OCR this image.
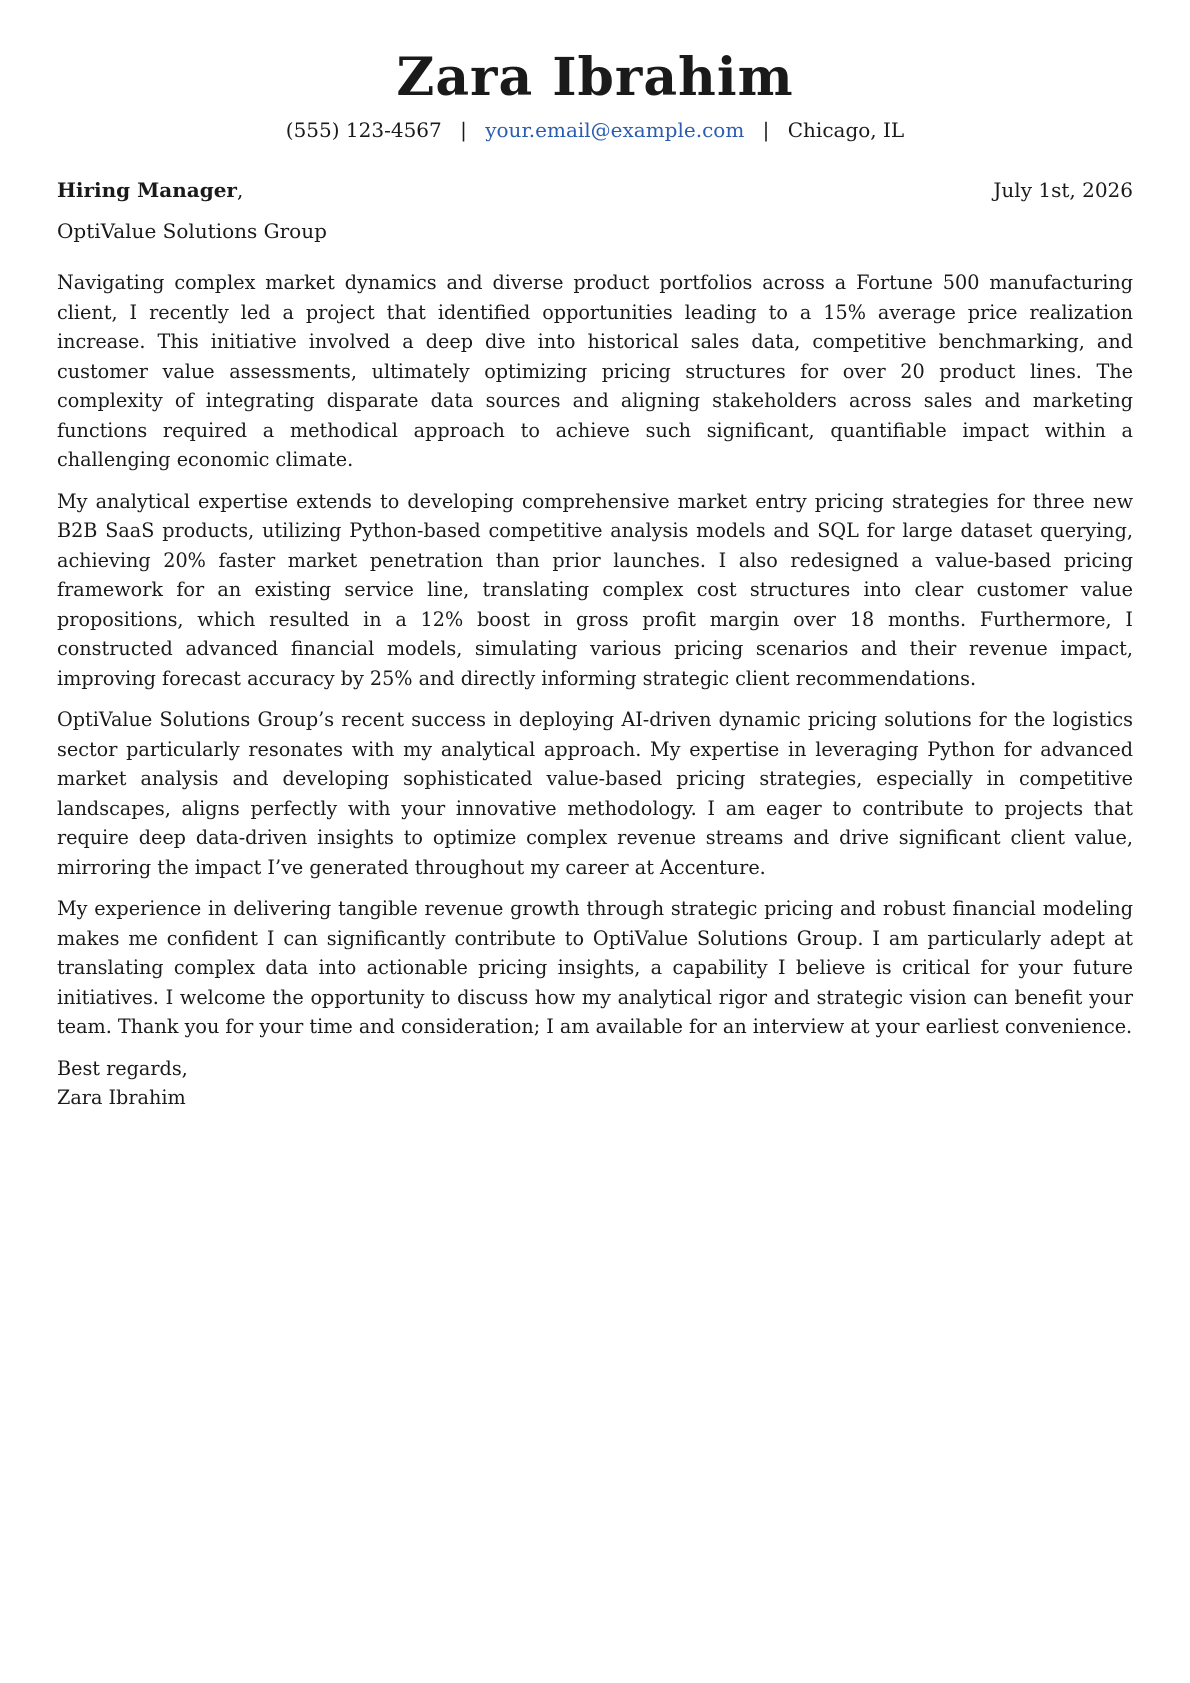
Zara Ibrahim
(555) 123-4567 | your.email@example.com | Chicago, IL
Hiring Manager,	July 1st, 2026
OptiValue Solutions Group

Navigating complex market dynamics and diverse product portfolios across a Fortune 500 manufacturing client, I recently led a project that identified opportunities leading to a 15% average price realization increase. This initiative involved a deep dive into historical sales data, competitive benchmarking, and customer value assessments, ultimately optimizing pricing structures for over 20 product lines. The complexity of integrating disparate data sources and aligning stakeholders across sales and marketing functions required a methodical approach to achieve such significant, quantifiable impact within a challenging economic climate.

My analytical expertise extends to developing comprehensive market entry pricing strategies for three new B2B SaaS products, utilizing Python-based competitive analysis models and SQL for large dataset querying, achieving 20% faster market penetration than prior launches. I also redesigned a value-based pricing framework for an existing service line, translating complex cost structures into clear customer value propositions, which resulted in a 12% boost in gross profit margin over 18 months. Furthermore, I constructed advanced financial models, simulating various pricing scenarios and their revenue impact, improving forecast accuracy by 25% and directly informing strategic client recommendations.

OptiValue Solutions Group’s recent success in deploying AI-driven dynamic pricing solutions for the logistics sector particularly resonates with my analytical approach. My expertise in leveraging Python for advanced market analysis and developing sophisticated value-based pricing strategies, especially in competitive landscapes, aligns perfectly with your innovative methodology. I am eager to contribute to projects that require deep data-driven insights to optimize complex revenue streams and drive significant client value, mirroring the impact I’ve generated throughout my career at Accenture.

My experience in delivering tangible revenue growth through strategic pricing and robust financial modeling makes me confident I can significantly contribute to OptiValue Solutions Group. I am particularly adept at translating complex data into actionable pricing insights, a capability I believe is critical for your future initiatives. I welcome the opportunity to discuss how my analytical rigor and strategic vision can benefit your team. Thank you for your time and consideration; I am available for an interview at your earliest convenience.

Best regards,
Zara Ibrahim
